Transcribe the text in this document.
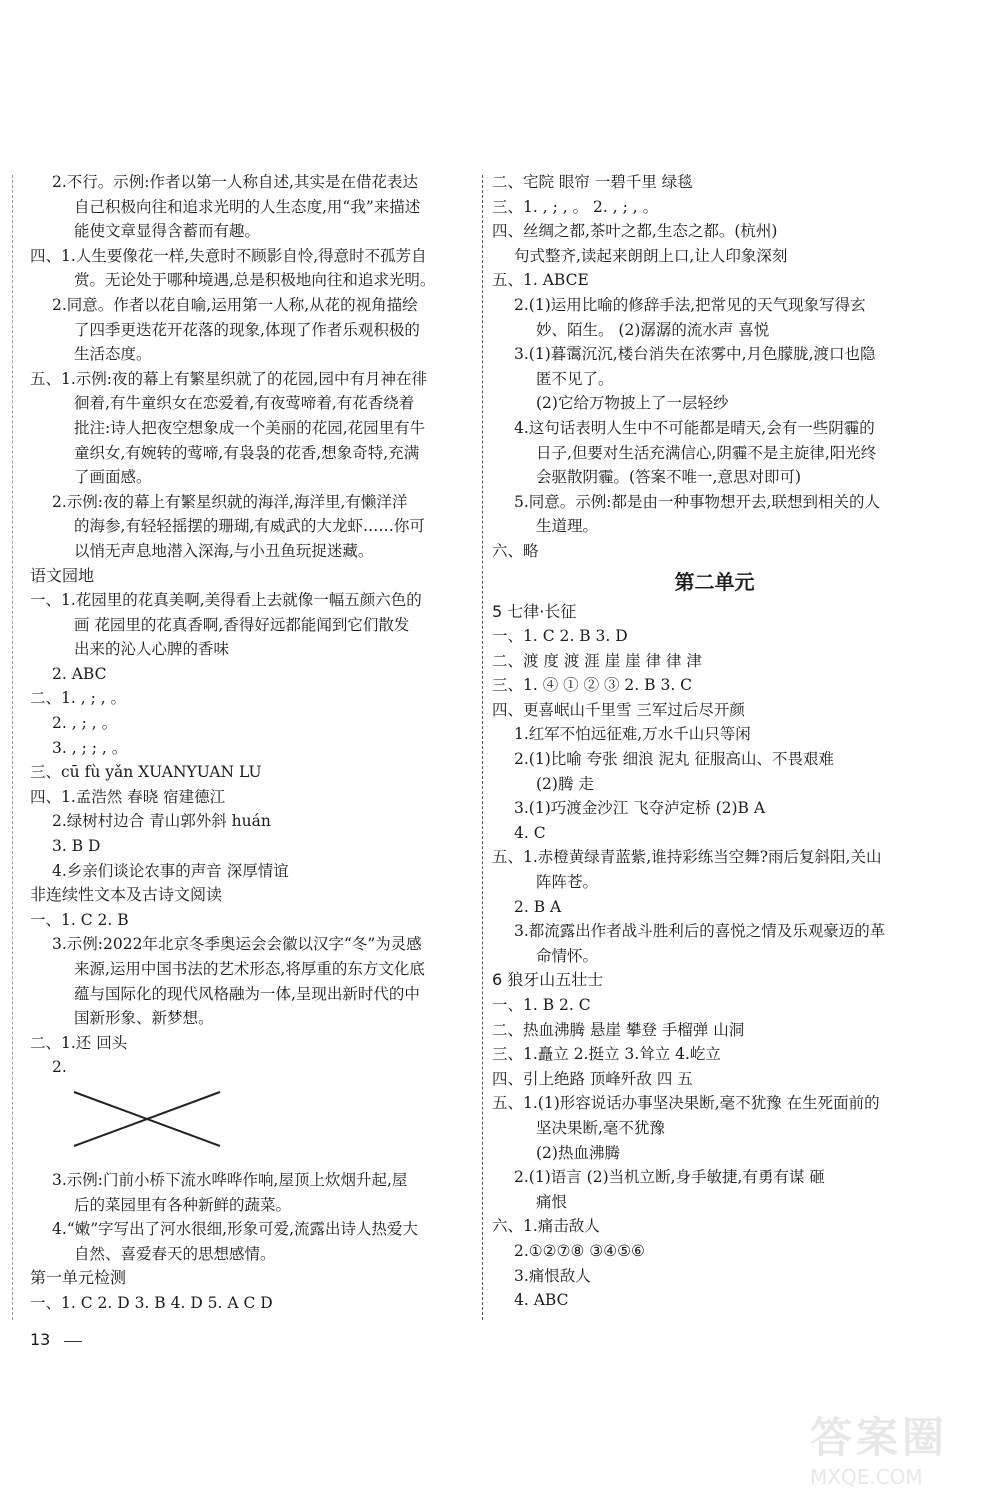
2.不行。示例:作者以第一人称自述,其实是在借花表达
自己积极向往和追求光明的人生态度,用“我”来描述
能使文章显得含蓄而有趣。
四、1.人生要像花一样,失意时不顾影自怜,得意时不孤芳自
赏。无论处于哪种境遇,总是积极地向往和追求光明。
2.同意。作者以花自喻,运用第一人称,从花的视角描绘
了四季更迭花开花落的现象,体现了作者乐观积极的
生活态度。
五、1.示例:夜的幕上有繁星织就了的花园,园中有月神在徘
徊着,有牛童织女在恋爱着,有夜莺啼着,有花香绕着
批注:诗人把夜空想象成一个美丽的花园,花园里有牛
童织女,有婉转的莺啼,有袅袅的花香,想象奇特,充满
了画面感。
2.示例:夜的幕上有繁星织就的海洋,海洋里,有懒洋洋
的海参,有轻轻摇摆的珊瑚,有威武的大龙虾……你可
以悄无声息地潜入深海,与小丑鱼玩捉迷藏。
语文园地
一、1.花园里的花真美啊,美得看上去就像一幅五颜六色的
画 花园里的花真香啊,香得好远都能闻到它们散发
出来的沁人心脾的香味
2. ABC
二、1. , ; , 。
2. , ; , 。
3. , ; ; , 。
三、cū fù yǎn XUANYUAN LU
四、1.孟浩然 春晓 宿建德江
2.绿树村边合 青山郭外斜 huán
3. B D
4.乡亲们谈论农事的声音 深厚情谊
非连续性文本及古诗文阅读
一、1. C 2. B
3.示例:2022年北京冬季奥运会会徽以汉字“冬”为灵感
来源,运用中国书法的艺术形态,将厚重的东方文化底
蕴与国际化的现代风格融为一体,呈现出新时代的中
国新形象、新梦想。
二、1.还 回头
2.
3.示例:门前小桥下流水哗哗作响,屋顶上炊烟升起,屋
后的菜园里有各种新鲜的蔬菜。
4.“嫩”字写出了河水很细,形象可爱,流露出诗人热爱大
自然、喜爱春天的思想感情。
第一单元检测
一、1. C 2. D 3. B 4. D 5. A C D
二、宅院 眼帘 一碧千里 绿毯
三、1. , ; , 。 2. , ; , 。
四、丝绸之都,茶叶之都,生态之都。(杭州)
句式整齐,读起来朗朗上口,让人印象深刻
五、1. ABCE
2.(1)运用比喻的修辞手法,把常见的天气现象写得玄
妙、陌生。 (2)潺潺的流水声 喜悦
3.(1)暮霭沉沉,楼台消失在浓雾中,月色朦胧,渡口也隐
匿不见了。
(2)它给万物披上了一层轻纱
4.这句话表明人生中不可能都是晴天,会有一些阴霾的
日子,但要对生活充满信心,阴霾不是主旋律,阳光终
会驱散阴霾。(答案不唯一,意思对即可)
5.同意。示例:都是由一种事物想开去,联想到相关的人
生道理。
六、略
第二单元
5 七律·长征
一、1. C 2. B 3. D
二、渡 度 渡 涯 崖 崖 律 律 津
三、1. ④ ① ② ③ 2. B 3. C
四、更喜岷山千里雪 三军过后尽开颜
1.红军不怕远征难,万水千山只等闲
2.(1)比喻 夸张 细浪 泥丸 征服高山、不畏艰难
(2)腾 走
3.(1)巧渡金沙江 飞夺泸定桥 (2)B A
4. C
五、1.赤橙黄绿青蓝紫,谁持彩练当空舞?雨后复斜阳,关山
阵阵苍。
2. B A
3.都流露出作者战斗胜利后的喜悦之情及乐观豪迈的革
命情怀。
6 狼牙山五壮士
一、1. B 2. C
二、热血沸腾 悬崖 攀登 手榴弹 山洞
三、1.矗立 2.挺立 3.耸立 4.屹立
四、引上绝路 顶峰歼敌 四 五
五、1.(1)形容说话办事坚决果断,毫不犹豫 在生死面前的
坚决果断,毫不犹豫
(2)热血沸腾
2.(1)语言 (2)当机立断,身手敏捷,有勇有谋 砸
痛恨
六、1.痛击敌人
2.①②⑦⑧ ③④⑤⑥
3.痛恨敌人
4. ABC
13
答案圈
MXQE.COM
